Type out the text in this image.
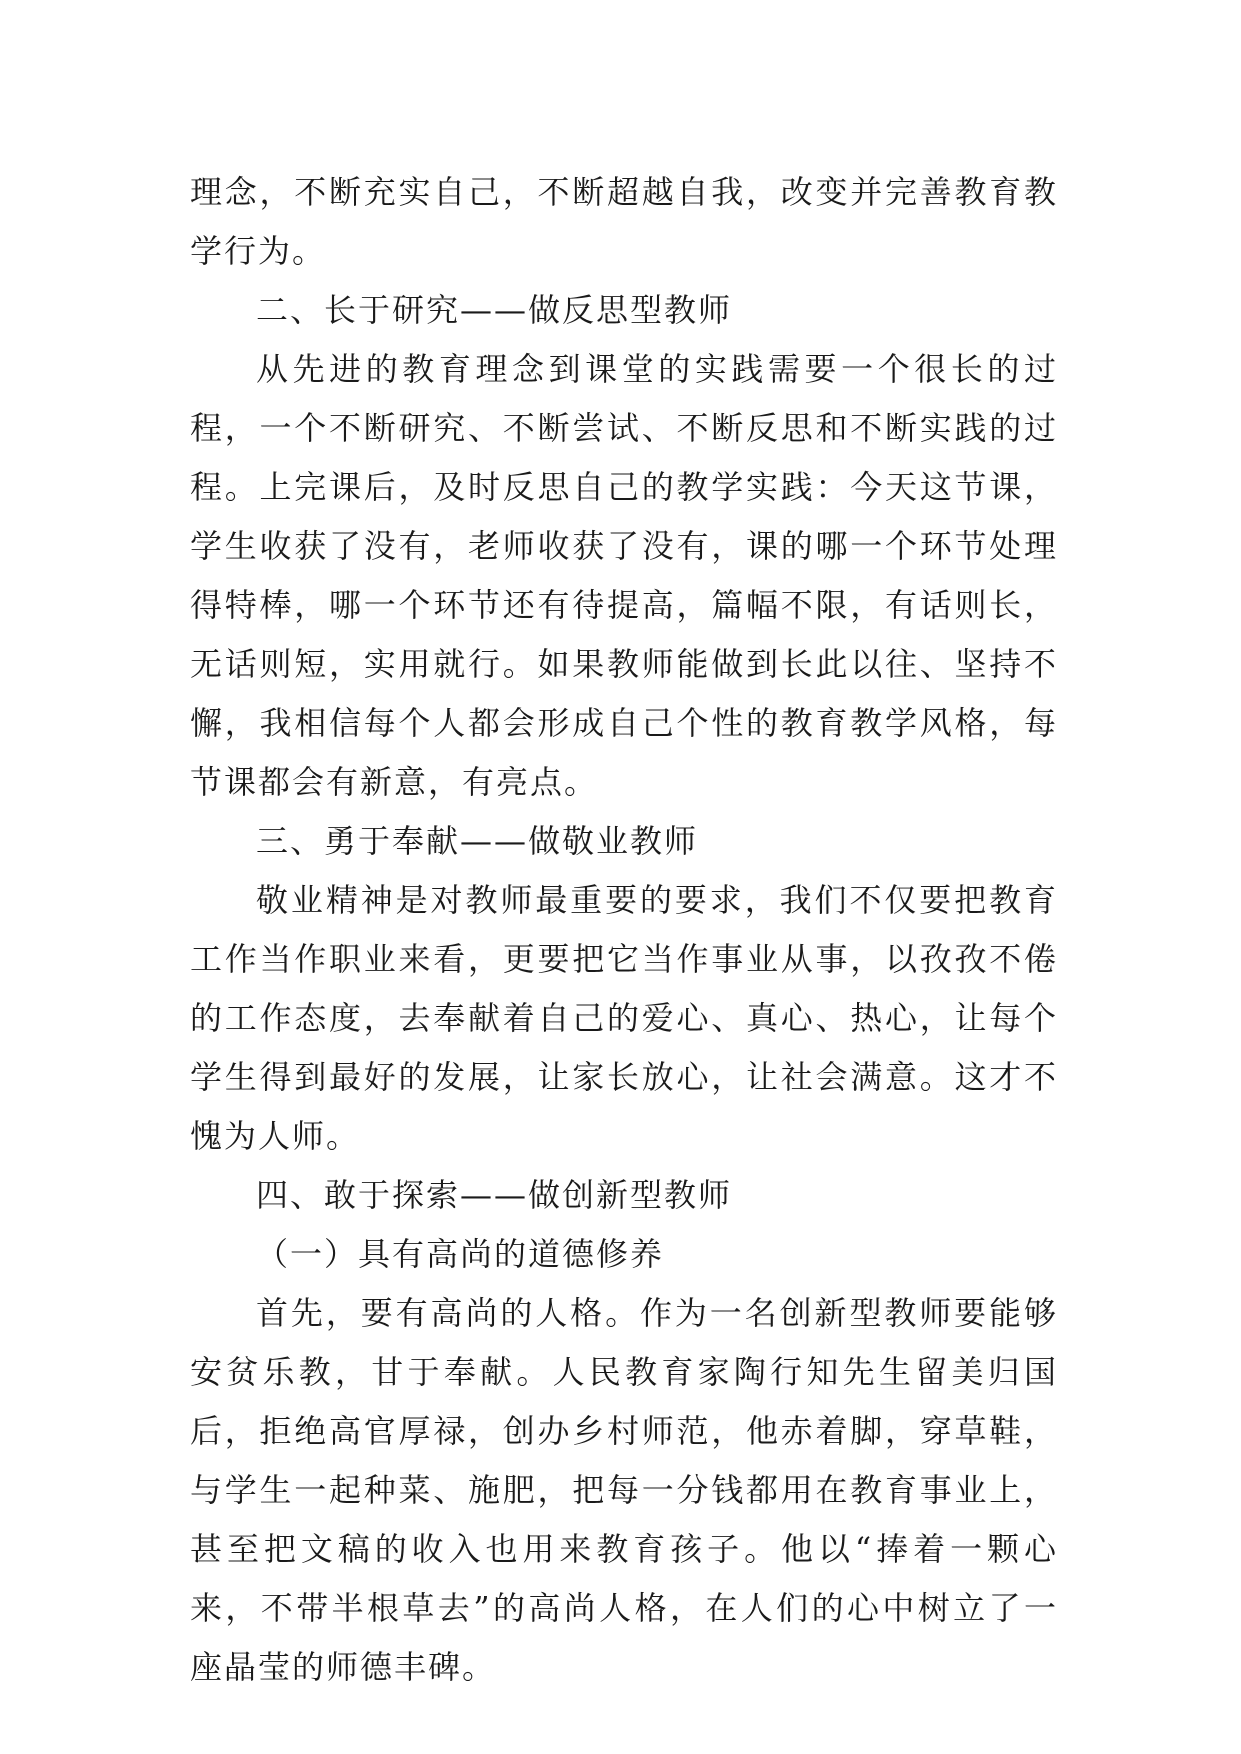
理念，不断充实自己，不断超越自我，改变并完善教育教学行为。

二、长于研究——做反思型教师

从先进的教育理念到课堂的实践需要一个很长的过程，一个不断研究、不断尝试、不断反思和不断实践的过程。上完课后，及时反思自己的教学实践：今天这节课，学生收获了没有，老师收获了没有，课的哪一个环节处理得特棒，哪一个环节还有待提高，篇幅不限，有话则长，无话则短，实用就行。如果教师能做到长此以往、坚持不懈，我相信每个人都会形成自己个性的教育教学风格，每节课都会有新意，有亮点。

三、勇于奉献——做敬业教师

敬业精神是对教师最重要的要求，我们不仅要把教育工作当作职业来看，更要把它当作事业从事，以孜孜不倦的工作态度，去奉献着自己的爱心、真心、热心，让每个学生得到最好的发展，让家长放心，让社会满意。这才不愧为人师。

四、敢于探索——做创新型教师

（一）具有高尚的道德修养

首先，要有高尚的人格。作为一名创新型教师要能够安贫乐教，甘于奉献。人民教育家陶行知先生留美归国后，拒绝高官厚禄，创办乡村师范，他赤着脚，穿草鞋，与学生一起种菜、施肥，把每一分钱都用在教育事业上，甚至把文稿的收入也用来教育孩子。他以“捧着一颗心来，不带半根草去”的高尚人格，在人们的心中树立了一座晶莹的师德丰碑。
